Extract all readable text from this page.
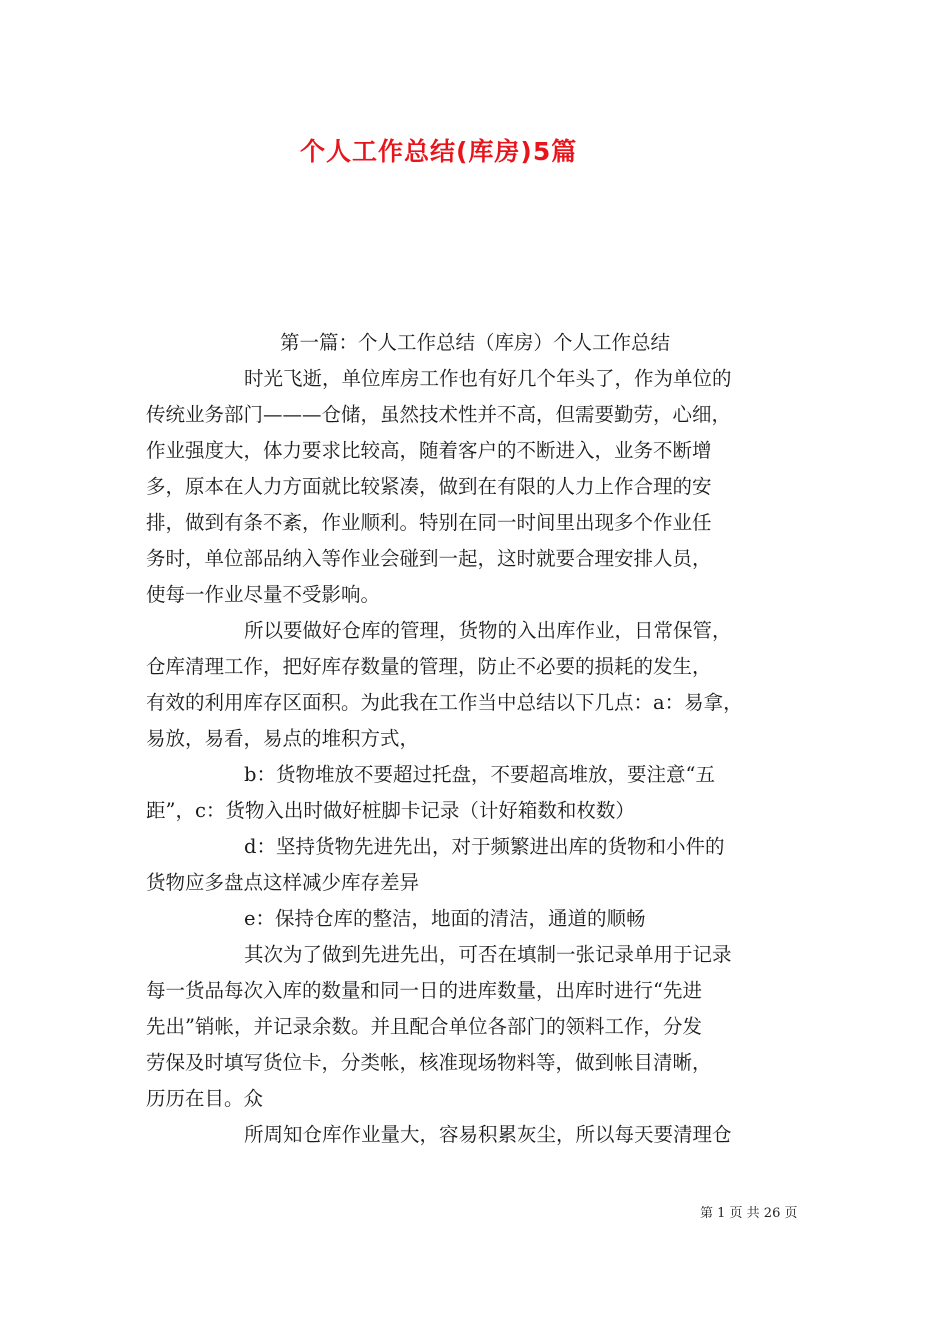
个人工作总结(库房)5篇
第一篇：个人工作总结（库房）个人工作总结
时光飞逝，单位库房工作也有好几个年头了，作为单位的
传统业务部门———仓储，虽然技术性并不高，但需要勤劳，心细，
作业强度大，体力要求比较高，随着客户的不断进入，业务不断增
多，原本在人力方面就比较紧凑，做到在有限的人力上作合理的安
排，做到有条不紊，作业顺利。特别在同一时间里出现多个作业任
务时，单位部品纳入等作业会碰到一起，这时就要合理安排人员，
使每一作业尽量不受影响。
所以要做好仓库的管理，货物的入出库作业，日常保管，
仓库清理工作，把好库存数量的管理，防止不必要的损耗的发生，
有效的利用库存区面积。为此我在工作当中总结以下几点：a：易拿，
易放，易看，易点的堆积方式，
b：货物堆放不要超过托盘，不要超高堆放，要注意“五
距”，c：货物入出时做好桩脚卡记录（计好箱数和枚数）
d：坚持货物先进先出，对于频繁进出库的货物和小件的
货物应多盘点这样减少库存差异
e：保持仓库的整洁，地面的清洁，通道的顺畅
其次为了做到先进先出，可否在填制一张记录单用于记录
每一货品每次入库的数量和同一日的进库数量，出库时进行“先进
先出”销帐，并记录余数。并且配合单位各部门的领料工作，分发
劳保及时填写货位卡，分类帐，核准现场物料等，做到帐目清晰，
历历在目。众
所周知仓库作业量大，容易积累灰尘，所以每天要清理仓
第 1 页 共 26 页
